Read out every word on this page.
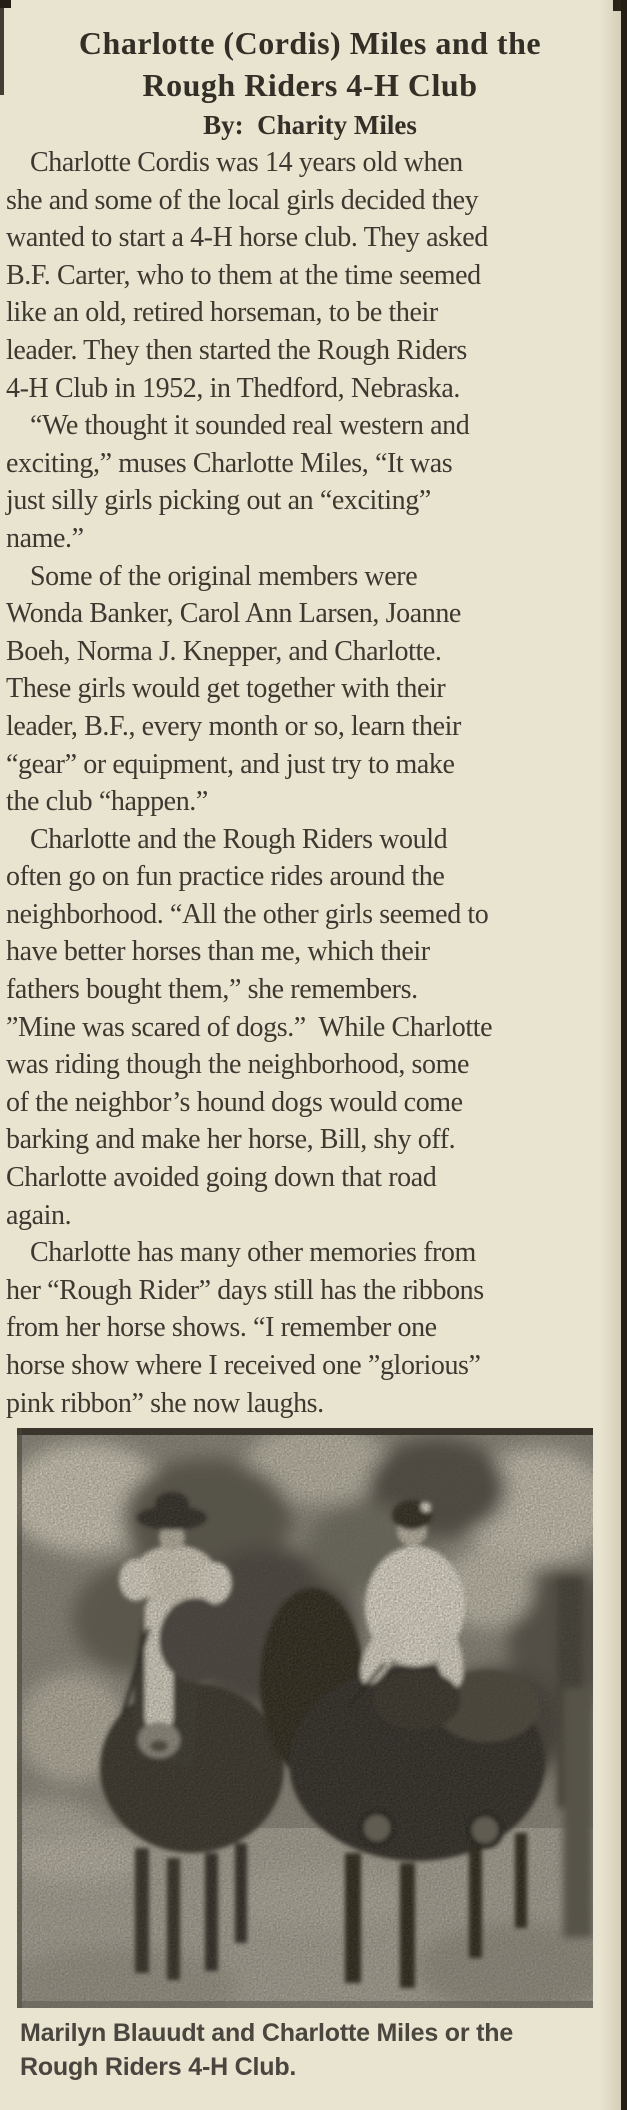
Charlotte (Cordis) Miles and the
Rough Riders 4-H Club
By:  Charity Miles
Charlotte Cordis was 14 years old when
she and some of the local girls decided they
wanted to start a 4-H horse club. They asked
B.F. Carter, who to them at the time seemed
like an old, retired horseman, to be their
leader. They then started the Rough Riders
4-H Club in 1952, in Thedford, Nebraska.
“We thought it sounded real western and
exciting,” muses Charlotte Miles, “It was
just silly girls picking out an “exciting”
name.”
Some of the original members were
Wonda Banker, Carol Ann Larsen, Joanne
Boeh, Norma J. Knepper, and Charlotte.
These girls would get together with their
leader, B.F., every month or so, learn their
“gear” or equipment, and just try to make
the club “happen.”
Charlotte and the Rough Riders would
often go on fun practice rides around the
neighborhood. “All the other girls seemed to
have better horses than me, which their
fathers bought them,” she remembers.
”Mine was scared of dogs.”  While Charlotte
was riding though the neighborhood, some
of the neighbor’s hound dogs would come
barking and make her horse, Bill, shy off.
Charlotte avoided going down that road
again.
Charlotte has many other memories from
her “Rough Rider” days still has the ribbons
from her horse shows. “I remember one
horse show where I received one ”glorious”
pink ribbon” she now laughs.
Marilyn Blauudt and Charlotte Miles or the
Rough Riders 4-H Club.
